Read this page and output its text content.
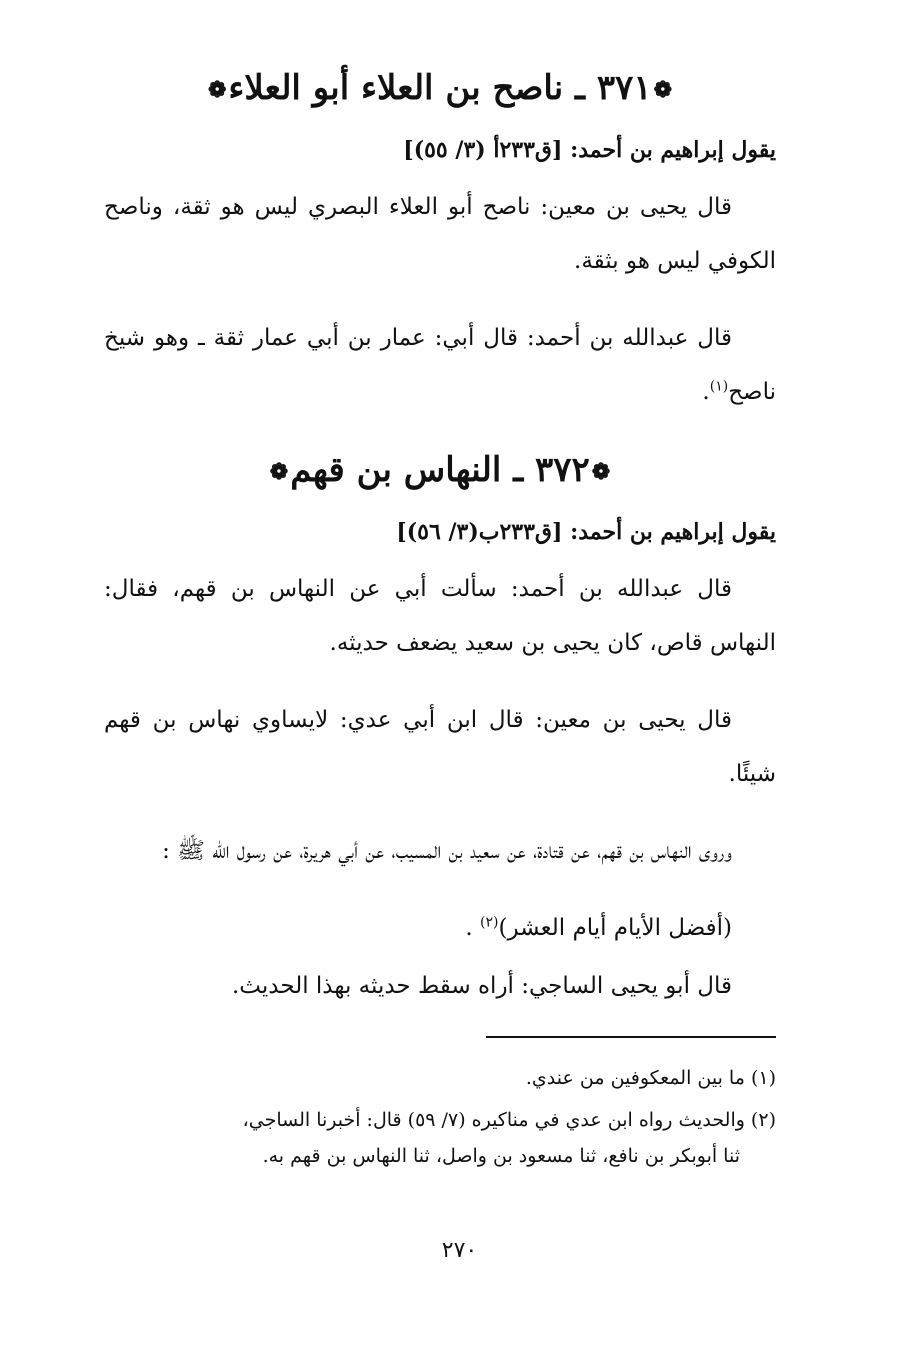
❁٣٧١ ـ ناصح بن العلاء أبو العلاء❁
يقول إبراهيم بن أحمد: [ق٢٣٣أ (٣/ ٥٥)]

قال يحيى بن معين: ناصح أبو العلاء البصري ليس هو ثقة، وناصح الكوفي ليس هو بثقة.

قال عبدالله بن أحمد: قال أبي: عمار بن أبي عمار ثقة ـ وهو شيخ ناصح$^{(١)}$.

❁٣٧٢ ـ النهاس بن قهم❁
يقول إبراهيم بن أحمد: [ق٢٣٣ب(٣/ ٥٦)]

قال عبدالله بن أحمد: سألت أبي عن النهاس بن قهم، فقال: النهاس قاص، كان يحيى بن سعيد يضعف حديثه.

قال يحيى بن معين: قال ابن أبي عدي: لايساوي نهاس بن قهم شيئًا.

وروى النهاس بن قهم، عن قتادة، عن سعيد بن المسيب، عن أبي هريرة، عن رسول الله ﷺ :

(أفضل الأيام أيام العشر)$^{(٢)}$ .

قال أبو يحيى الساجي: أراه سقط حديثه بهذا الحديث.

(١) ما بين المعكوفين من عندي.
(٢) والحديث رواه ابن عدي في مناكيره (٧/ ٥٩) قال: أخبرنا الساجي،
ثنا أبوبكر بن نافع، ثنا مسعود بن واصل، ثنا النهاس بن قهم به.
٢٧٠
